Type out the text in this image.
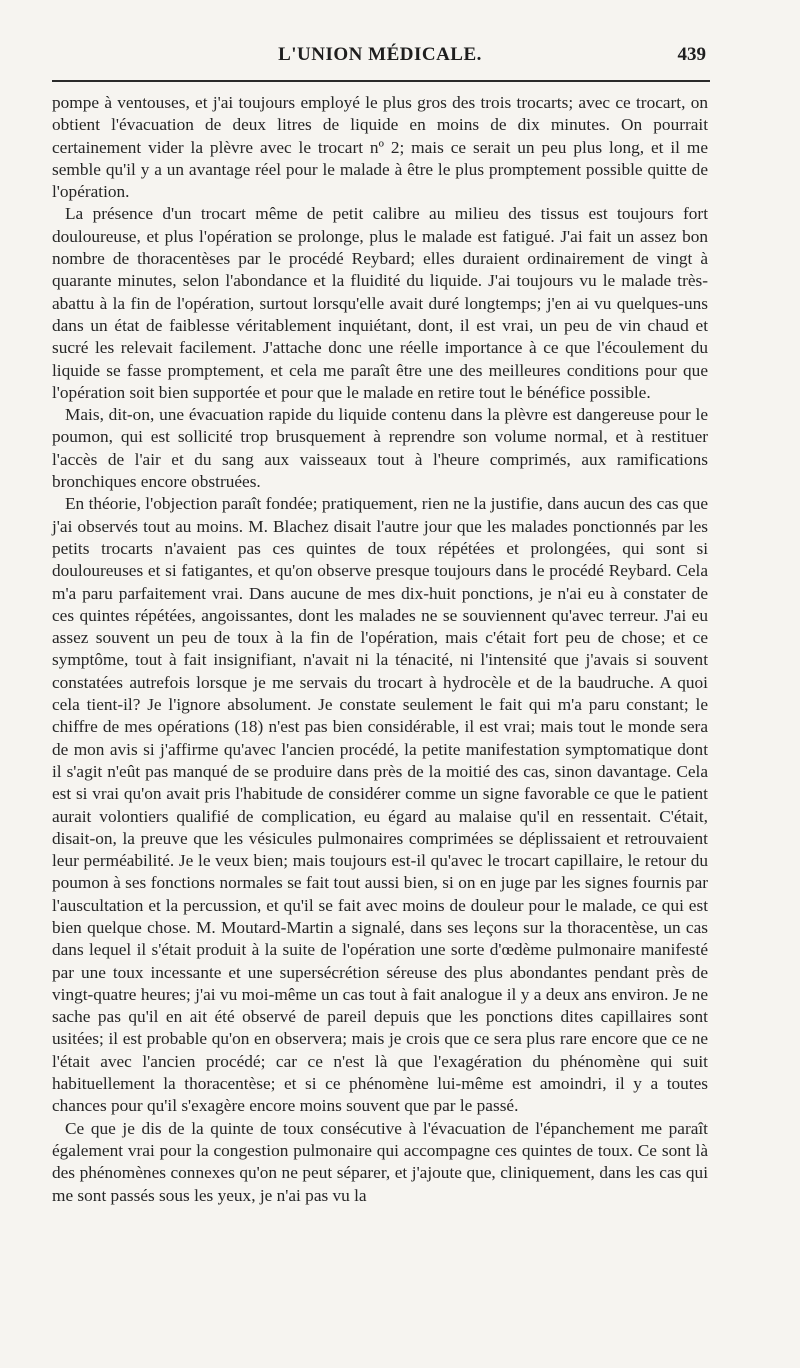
L'UNION MÉDICALE.	439

pompe à ventouses, et j'ai toujours employé le plus gros des trois trocarts; avec ce trocart, on obtient l'évacuation de deux litres de liquide en moins de dix minutes. On pourrait certainement vider la plèvre avec le trocart nº 2; mais ce serait un peu plus long, et il me semble qu'il y a un avantage réel pour le malade à être le plus promptement possible quitte de l'opération.

La présence d'un trocart même de petit calibre au milieu des tissus est toujours fort douloureuse, et plus l'opération se prolonge, plus le malade est fatigué. J'ai fait un assez bon nombre de thoracentèses par le procédé Reybard; elles duraient ordinairement de vingt à quarante minutes, selon l'abondance et la fluidité du liquide. J'ai toujours vu le malade très-abattu à la fin de l'opération, surtout lorsqu'elle avait duré longtemps; j'en ai vu quelques-uns dans un état de faiblesse véritablement inquiétant, dont, il est vrai, un peu de vin chaud et sucré les relevait facilement. J'attache donc une réelle importance à ce que l'écoulement du liquide se fasse promptement, et cela me paraît être une des meilleures conditions pour que l'opération soit bien supportée et pour que le malade en retire tout le bénéfice possible.

Mais, dit-on, une évacuation rapide du liquide contenu dans la plèvre est dangereuse pour le poumon, qui est sollicité trop brusquement à reprendre son volume normal, et à restituer l'accès de l'air et du sang aux vaisseaux tout à l'heure comprimés, aux ramifications bronchiques encore obstruées.

En théorie, l'objection paraît fondée; pratiquement, rien ne la justifie, dans aucun des cas que j'ai observés tout au moins. M. Blachez disait l'autre jour que les malades ponctionnés par les petits trocarts n'avaient pas ces quintes de toux répétées et prolongées, qui sont si douloureuses et si fatigantes, et qu'on observe presque toujours dans le procédé Reybard. Cela m'a paru parfaitement vrai. Dans aucune de mes dix-huit ponctions, je n'ai eu à constater de ces quintes répétées, angoissantes, dont les malades ne se souviennent qu'avec terreur. J'ai eu assez souvent un peu de toux à la fin de l'opération, mais c'était fort peu de chose; et ce symptôme, tout à fait insignifiant, n'avait ni la ténacité, ni l'intensité que j'avais si souvent constatées autrefois lorsque je me servais du trocart à hydrocèle et de la baudruche. A quoi cela tient-il? Je l'ignore absolument. Je constate seulement le fait qui m'a paru constant; le chiffre de mes opérations (18) n'est pas bien considérable, il est vrai; mais tout le monde sera de mon avis si j'affirme qu'avec l'ancien procédé, la petite manifestation symptomatique dont il s'agit n'eût pas manqué de se produire dans près de la moitié des cas, sinon davantage. Cela est si vrai qu'on avait pris l'habitude de considérer comme un signe favorable ce que le patient aurait volontiers qualifié de complication, eu égard au malaise qu'il en ressentait. C'était, disait-on, la preuve que les vésicules pulmonaires comprimées se déplissaient et retrouvaient leur perméabilité. Je le veux bien; mais toujours est-il qu'avec le trocart capillaire, le retour du poumon à ses fonctions normales se fait tout aussi bien, si on en juge par les signes fournis par l'auscultation et la percussion, et qu'il se fait avec moins de douleur pour le malade, ce qui est bien quelque chose. M. Moutard-Martin a signalé, dans ses leçons sur la thoracentèse, un cas dans lequel il s'était produit à la suite de l'opération une sorte d'œdème pulmonaire manifesté par une toux incessante et une supersécrétion séreuse des plus abondantes pendant près de vingt-quatre heures; j'ai vu moi-même un cas tout à fait analogue il y a deux ans environ. Je ne sache pas qu'il en ait été observé de pareil depuis que les ponctions dites capillaires sont usitées; il est probable qu'on en observera; mais je crois que ce sera plus rare encore que ce ne l'était avec l'ancien procédé; car ce n'est là que l'exagération du phénomène qui suit habituellement la thoracentèse; et si ce phénomène lui-même est amoindri, il y a toutes chances pour qu'il s'exagère encore moins souvent que par le passé.

Ce que je dis de la quinte de toux consécutive à l'évacuation de l'épanchement me paraît également vrai pour la congestion pulmonaire qui accompagne ces quintes de toux. Ce sont là des phénomènes connexes qu'on ne peut séparer, et j'ajoute que, cliniquement, dans les cas qui me sont passés sous les yeux, je n'ai pas vu la
